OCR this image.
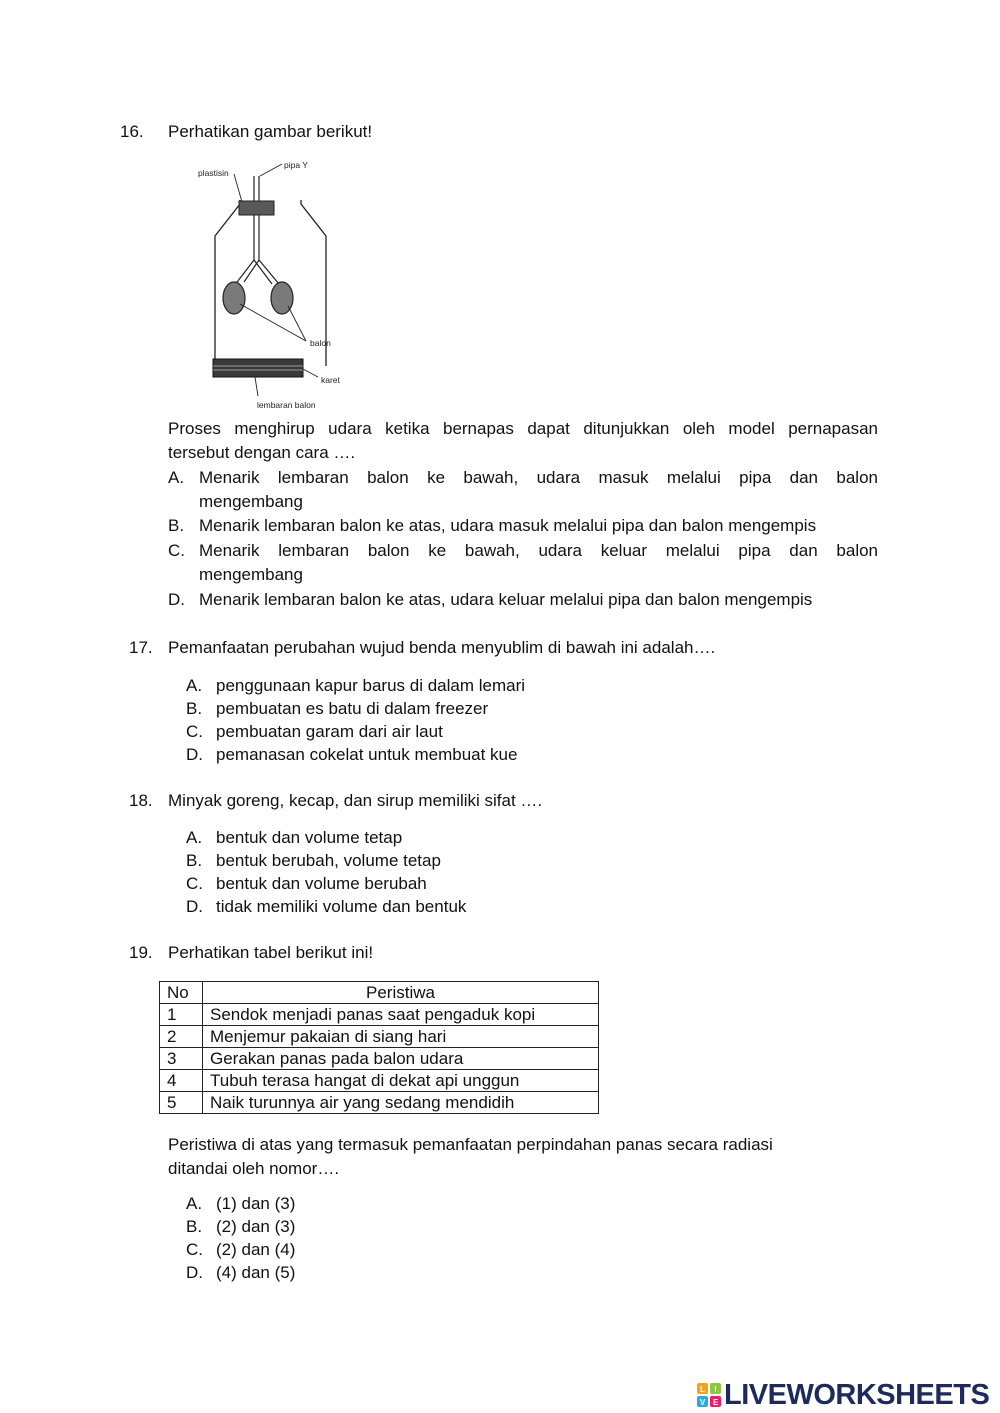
16. Perhatikan gambar berikut!
plastisin
pipa Y
balon
karet
lembaran balon
Proses menghirup udara ketika bernapas dapat ditunjukkan oleh model pernapasan
tersebut dengan cara ….
A. Menarik lembaran balon ke bawah, udara masuk melalui pipa dan balon
mengembang
B. Menarik lembaran balon ke atas, udara masuk melalui pipa dan balon mengempis
C. Menarik lembaran balon ke bawah, udara keluar melalui pipa dan balon
mengembang
D. Menarik lembaran balon ke atas, udara keluar melalui pipa dan balon mengempis
17. Pemanfaatan perubahan wujud benda menyublim di bawah ini adalah….
A. penggunaan kapur barus di dalam lemari
B. pembuatan es batu di dalam freezer
C. pembuatan garam dari air laut
D. pemanasan cokelat untuk membuat kue
18. Minyak goreng, kecap, dan sirup memiliki sifat ….
A. bentuk dan volume tetap
B. bentuk berubah, volume tetap
C. bentuk dan volume berubah
D. tidak memiliki volume dan bentuk
19. Perhatikan tabel berikut ini!
No	Peristiwa
1	Sendok menjadi panas saat pengaduk kopi
2	Menjemur pakaian di siang hari
3	Gerakan panas pada balon udara
4	Tubuh terasa hangat di dekat api unggun
5	Naik turunnya air yang sedang mendidih
Peristiwa di atas yang termasuk pemanfaatan perpindahan panas secara radiasi
ditandai oleh nomor….
A. (1) dan (3)
B. (2) dan (3)
C. (2) dan (4)
D. (4) dan (5)
L I
V E LIVEWORKSHEETS
